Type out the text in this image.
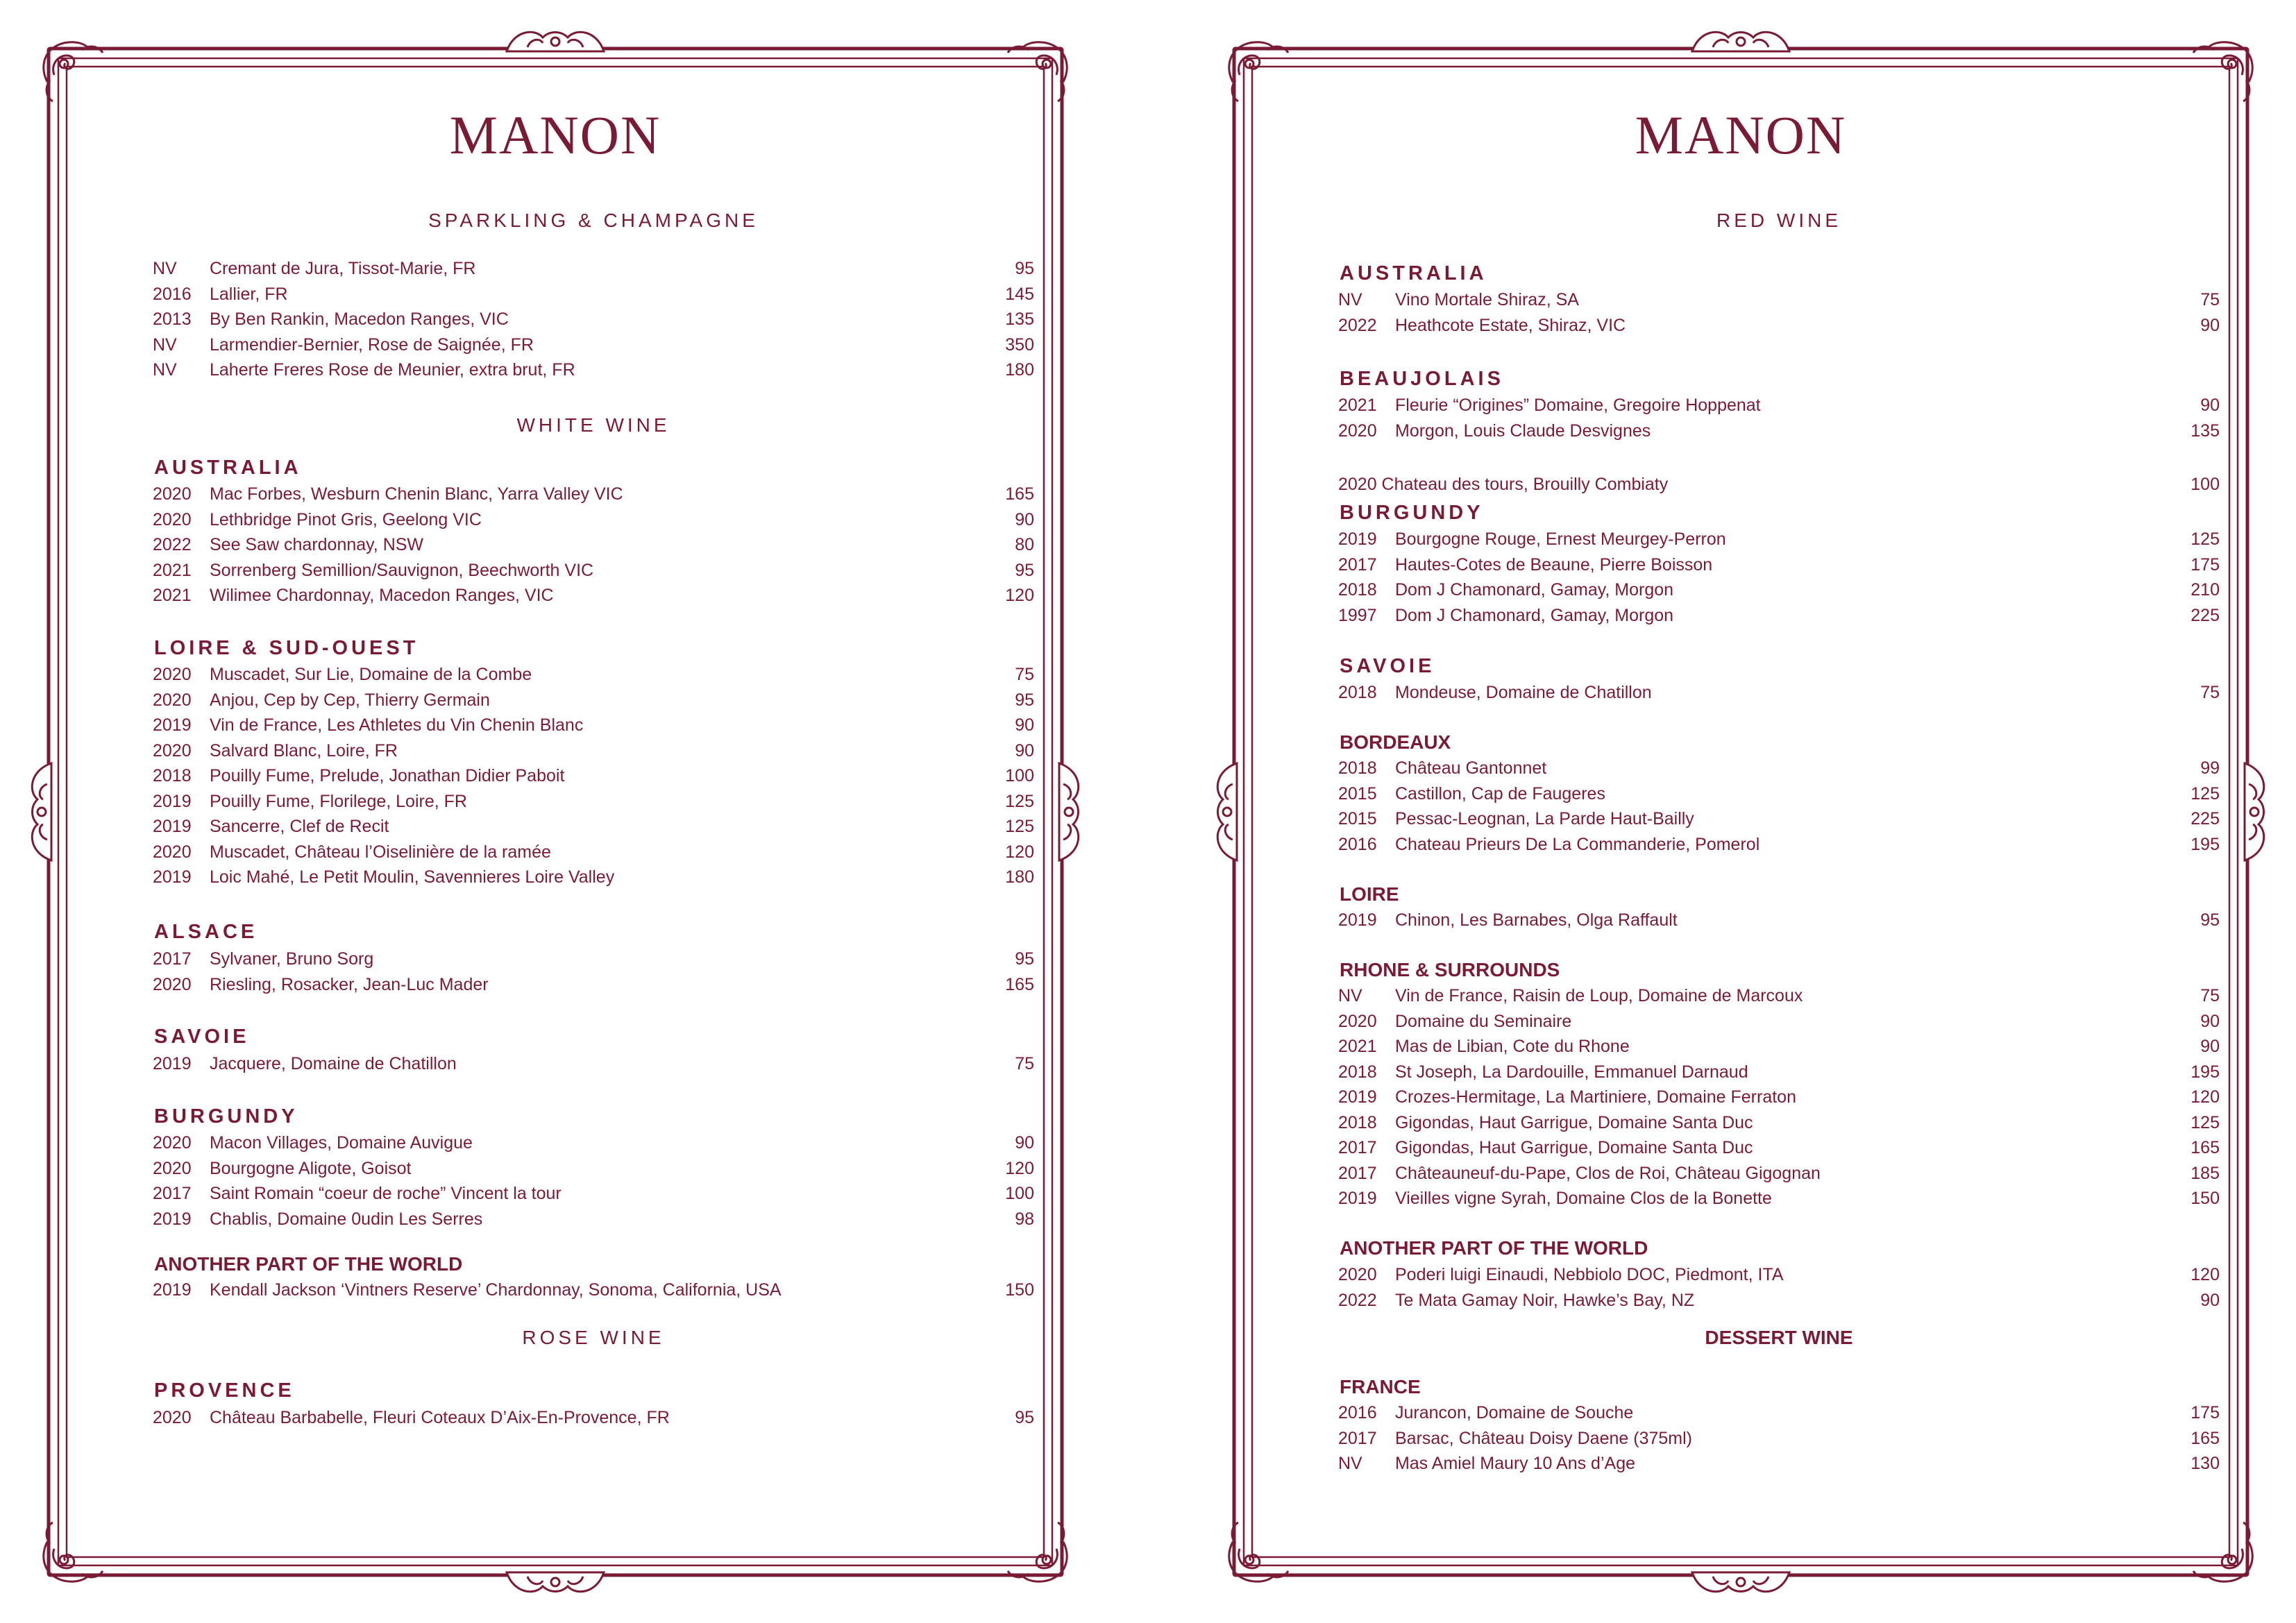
MANON
SPARKLING & CHAMPAGNE
NV	Cremant de Jura, Tissot-Marie, FR	95
2016	Lallier, FR	145
2013	By Ben Rankin, Macedon Ranges, VIC	135
NV	Larmendier-Bernier, Rose de Saignée, FR	350
NV	Laherte Freres Rose de Meunier, extra brut, FR	180
WHITE WINE
AUSTRALIA
2020	Mac Forbes, Wesburn Chenin Blanc, Yarra Valley VIC	165
2020	Lethbridge Pinot Gris, Geelong VIC	90
2022	See Saw chardonnay, NSW	80
2021	Sorrenberg Semillion/Sauvignon, Beechworth VIC	95
2021	Wilimee Chardonnay, Macedon Ranges, VIC	120
LOIRE & SUD-OUEST
2020	Muscadet, Sur Lie, Domaine de la Combe	75
2020	Anjou, Cep by Cep, Thierry Germain	95
2019	Vin de France, Les Athletes du Vin Chenin Blanc	90
2020	Salvard Blanc, Loire, FR	90
2018	Pouilly Fume, Prelude, Jonathan Didier Paboit	100
2019	Pouilly Fume, Florilege, Loire, FR	125
2019	Sancerre, Clef de Recit	125
2020	Muscadet, Château l’Oiselinière de la ramée	120
2019	Loic Mahé, Le Petit Moulin, Savennieres Loire Valley	180
ALSACE
2017	Sylvaner, Bruno Sorg	95
2020	Riesling, Rosacker, Jean-Luc Mader	165
SAVOIE
2019	Jacquere, Domaine de Chatillon	75
BURGUNDY
2020	Macon Villages, Domaine Auvigue	90
2020	Bourgogne Aligote, Goisot	120
2017	Saint Romain “coeur de roche” Vincent la tour	100
2019	Chablis, Domaine 0udin Les Serres	98
ANOTHER PART OF THE WORLD
2019	Kendall Jackson ‘Vintners Reserve’ Chardonnay, Sonoma, California, USA	150
ROSE WINE
PROVENCE
2020	Château Barbabelle, Fleuri Coteaux D’Aix-En-Provence, FR	95
MANON
RED WINE
AUSTRALIA
NV	Vino Mortale Shiraz, SA	75
2022	Heathcote Estate, Shiraz, VIC	90
BEAUJOLAIS
2021	Fleurie “Origines” Domaine, Gregoire Hoppenat	90
2020	Morgon, Louis Claude Desvignes	135
2020 Chateau des tours, Brouilly Combiaty	100
BURGUNDY
2019	Bourgogne Rouge, Ernest Meurgey-Perron	125
2017	Hautes-Cotes de Beaune, Pierre Boisson	175
2018	Dom J Chamonard, Gamay, Morgon	210
1997	Dom J Chamonard, Gamay, Morgon	225
SAVOIE
2018	Mondeuse, Domaine de Chatillon	75
BORDEAUX
2018	Château Gantonnet	99
2015	Castillon, Cap de Faugeres	125
2015	Pessac-Leognan, La Parde Haut-Bailly	225
2016	Chateau Prieurs De La Commanderie, Pomerol	195
LOIRE
2019	Chinon, Les Barnabes, Olga Raffault	95
RHONE & SURROUNDS
NV	Vin de France, Raisin de Loup, Domaine de Marcoux	75
2020	Domaine du Seminaire	90
2021	Mas de Libian, Cote du Rhone	90
2018	St Joseph, La Dardouille, Emmanuel Darnaud	195
2019	Crozes-Hermitage, La Martiniere, Domaine Ferraton	120
2018	Gigondas, Haut Garrigue, Domaine Santa Duc	125
2017	Gigondas, Haut Garrigue, Domaine Santa Duc	165
2017	Châteauneuf-du-Pape, Clos de Roi, Château Gigognan	185
2019	Vieilles vigne Syrah, Domaine Clos de la Bonette	150
ANOTHER PART OF THE WORLD
2020	Poderi luigi Einaudi, Nebbiolo DOC, Piedmont, ITA	120
2022	Te Mata Gamay Noir, Hawke’s Bay, NZ	90
DESSERT WINE
FRANCE
2016	Jurancon, Domaine de Souche	175
2017	Barsac, Château Doisy Daene (375ml)	165
NV	Mas Amiel Maury 10 Ans d’Age	130
